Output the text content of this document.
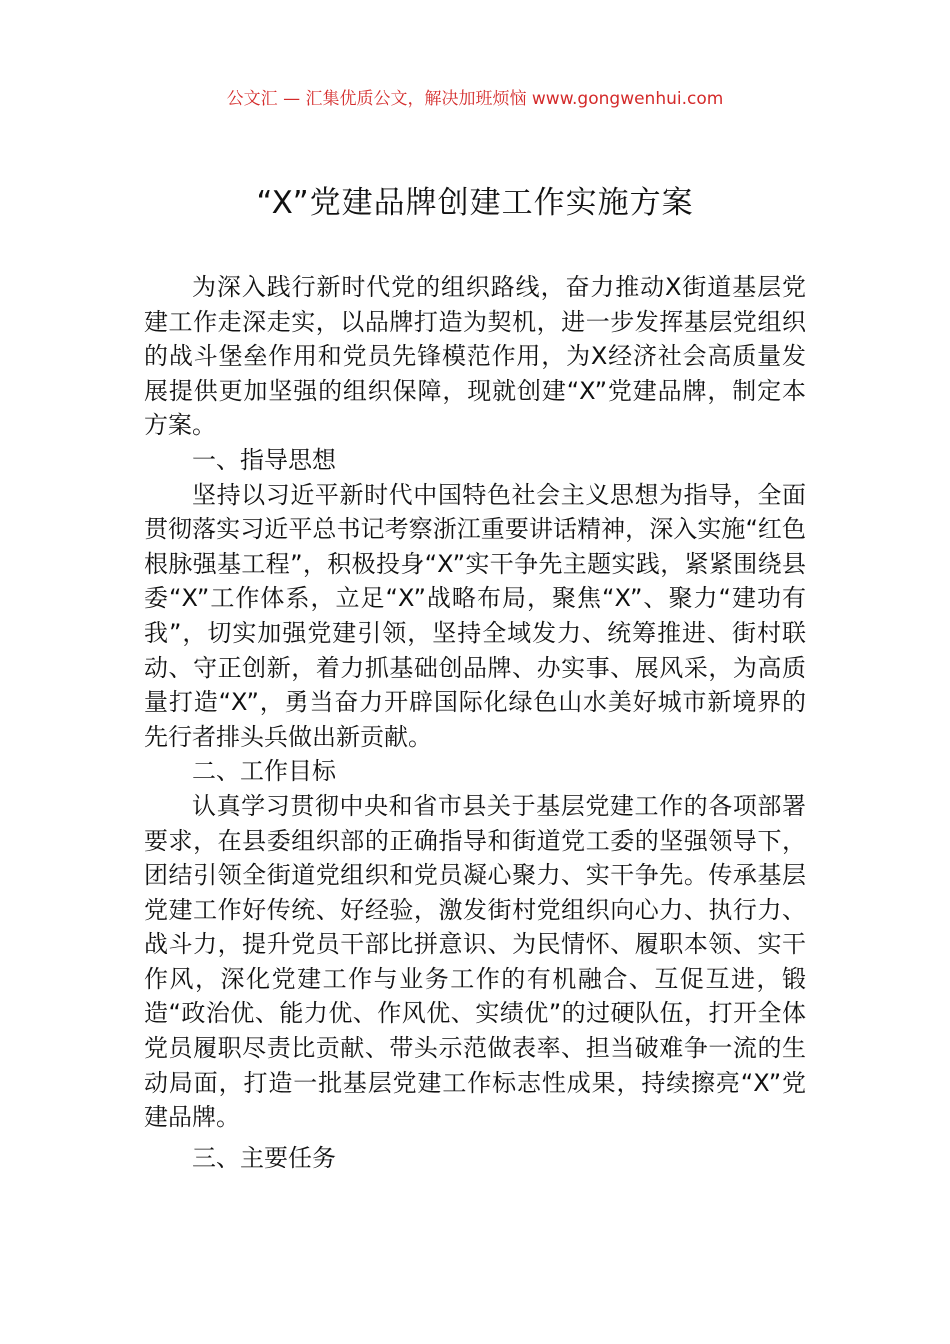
公文汇 — 汇集优质公文，解决加班烦恼 www.gongwenhui.com
“X”党建品牌创建工作实施方案

为深入践行新时代党的组织路线，奋力推动X街道基层党建工作走深走实，以品牌打造为契机，进一步发挥基层党组织的战斗堡垒作用和党员先锋模范作用，为X经济社会高质量发展提供更加坚强的组织保障，现就创建“X”党建品牌，制定本方案。

一、指导思想

坚持以习近平新时代中国特色社会主义思想为指导，全面贯彻落实习近平总书记考察浙江重要讲话精神，深入实施“红色根脉强基工程”，积极投身“X”实干争先主题实践，紧紧围绕县委“X”工作体系，立足“X”战略布局，聚焦“X”、聚力“建功有我”，切实加强党建引领，坚持全域发力、统筹推进、街村联动、守正创新，着力抓基础创品牌、办实事、展风采，为高质量打造“X”，勇当奋力开辟国际化绿色山水美好城市新境界的先行者排头兵做出新贡献。

二、工作目标

认真学习贯彻中央和省市县关于基层党建工作的各项部署要求，在县委组织部的正确指导和街道党工委的坚强领导下，团结引领全街道党组织和党员凝心聚力、实干争先。传承基层党建工作好传统、好经验，激发街村党组织向心力、执行力、战斗力，提升党员干部比拼意识、为民情怀、履职本领、实干作风，深化党建工作与业务工作的有机融合、互促互进，锻造“政治优、能力优、作风优、实绩优”的过硬队伍，打开全体党员履职尽责比贡献、带头示范做表率、担当破难争一流的生动局面，打造一批基层党建工作标志性成果，持续擦亮“X”党建品牌。

三、主要任务
